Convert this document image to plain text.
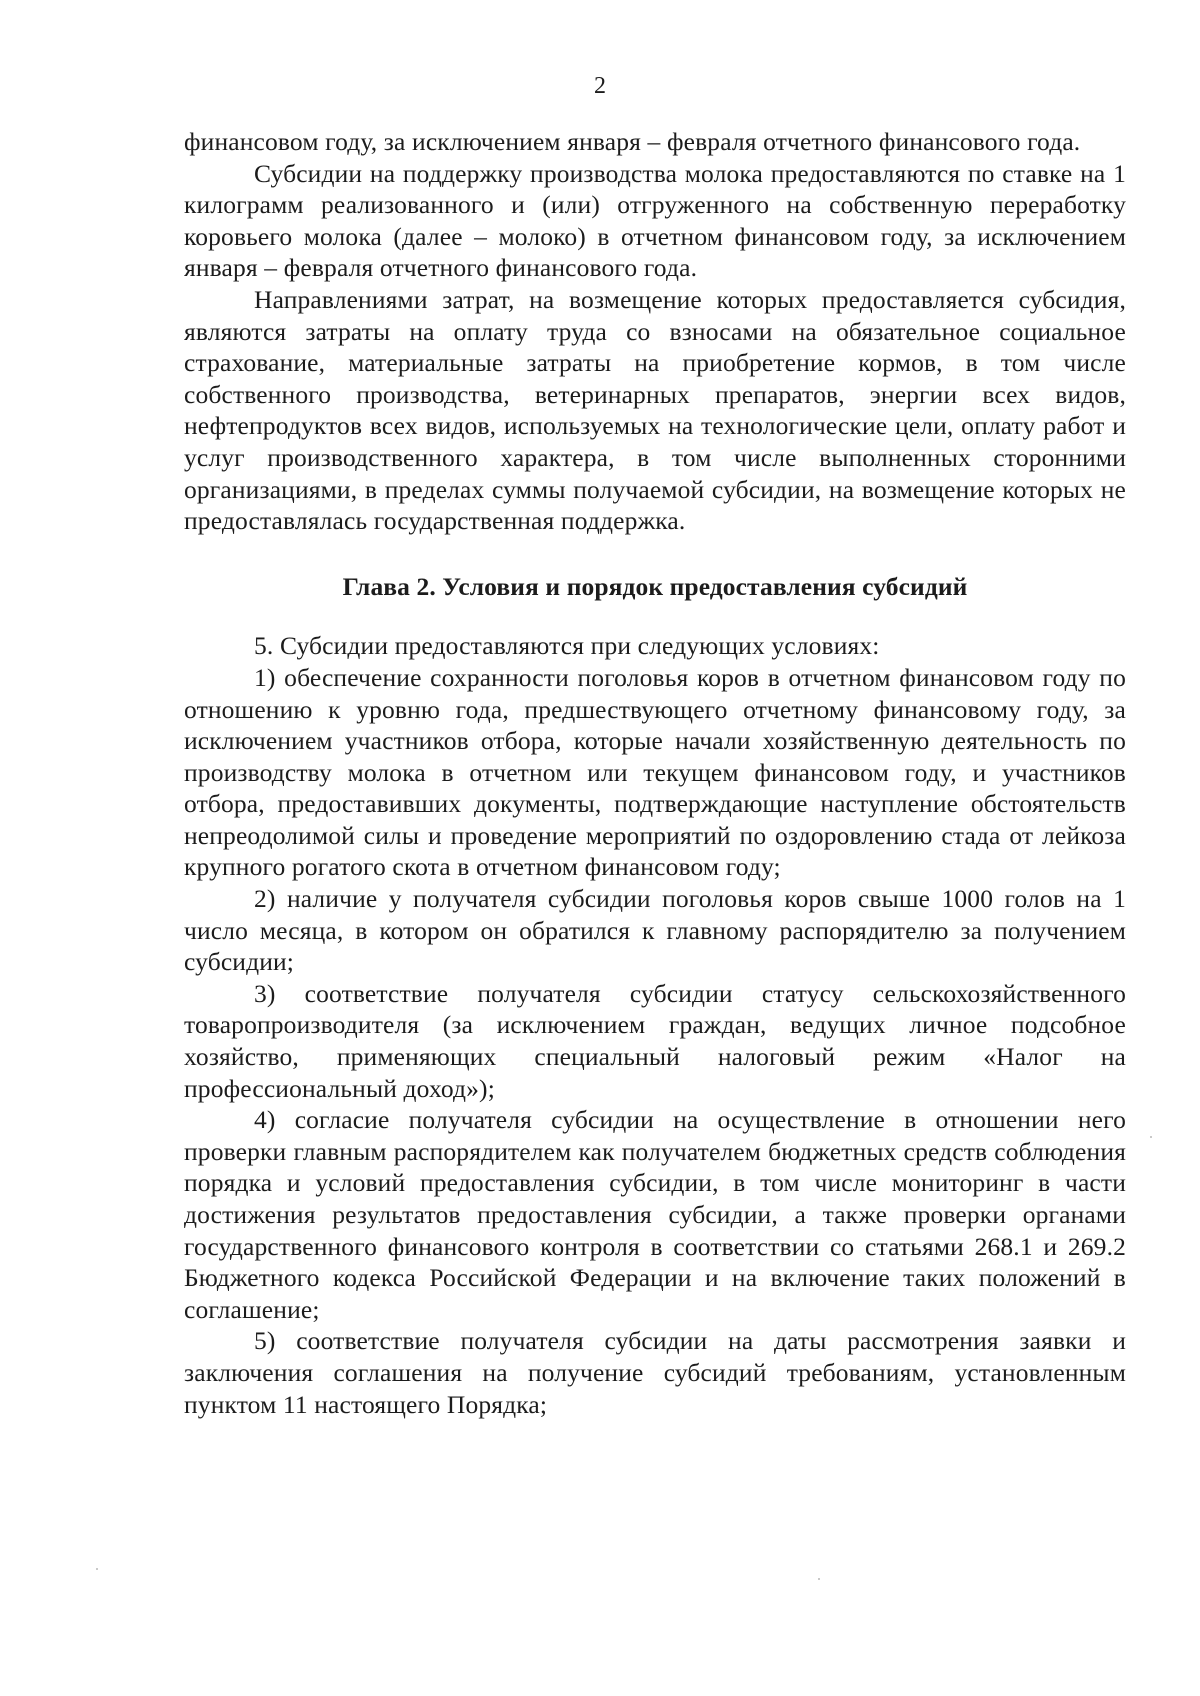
2

финансовом году, за исключением января – февраля отчетного финансового года.

Субсидии на поддержку производства молока предоставляются по ставке на 1 килограмм реализованного и (или) отгруженного на собственную переработку коровьего молока (далее – молоко) в отчетном финансовом году, за исключением января – февраля отчетного финансового года.

Направлениями затрат, на возмещение которых предоставляется субсидия, являются затраты на оплату труда со взносами на обязательное социальное страхование, материальные затраты на приобретение кормов, в том числе собственного производства, ветеринарных препаратов, энергии всех видов, нефтепродуктов всех видов, используемых на технологические цели, оплату работ и услуг производственного характера, в том числе выполненных сторонними организациями, в пределах суммы получаемой субсидии, на возмещение которых не предоставлялась государственная поддержка.

Глава 2. Условия и порядок предоставления субсидий

5. Субсидии предоставляются при следующих условиях:

1) обеспечение сохранности поголовья коров в отчетном финансовом году по отношению к уровню года, предшествующего отчетному финансовому году, за исключением участников отбора, которые начали хозяйственную деятельность по производству молока в отчетном или текущем финансовом году, и участников отбора, предоставивших документы, подтверждающие наступление обстоятельств непреодолимой силы и проведение мероприятий по оздоровлению стада от лейкоза крупного рогатого скота в отчетном финансовом году;

2) наличие у получателя субсидии поголовья коров свыше 1000 голов на 1 число месяца, в котором он обратился к главному распорядителю за получением субсидии;

3) соответствие получателя субсидии статусу сельскохозяйственного товаропроизводителя (за исключением граждан, ведущих личное подсобное хозяйство, применяющих специальный налоговый режим «Налог на профессиональный доход»);

4) согласие получателя субсидии на осуществление в отношении него проверки главным распорядителем как получателем бюджетных средств соблюдения порядка и условий предоставления субсидии, в том числе мониторинг в части достижения результатов предоставления субсидии, а также проверки органами государственного финансового контроля в соответствии со статьями 268.1 и 269.2 Бюджетного кодекса Российской Федерации и на включение таких положений в соглашение;

5) соответствие получателя субсидии на даты рассмотрения заявки и заключения соглашения на получение субсидий требованиям, установленным пунктом 11 настоящего Порядка;
